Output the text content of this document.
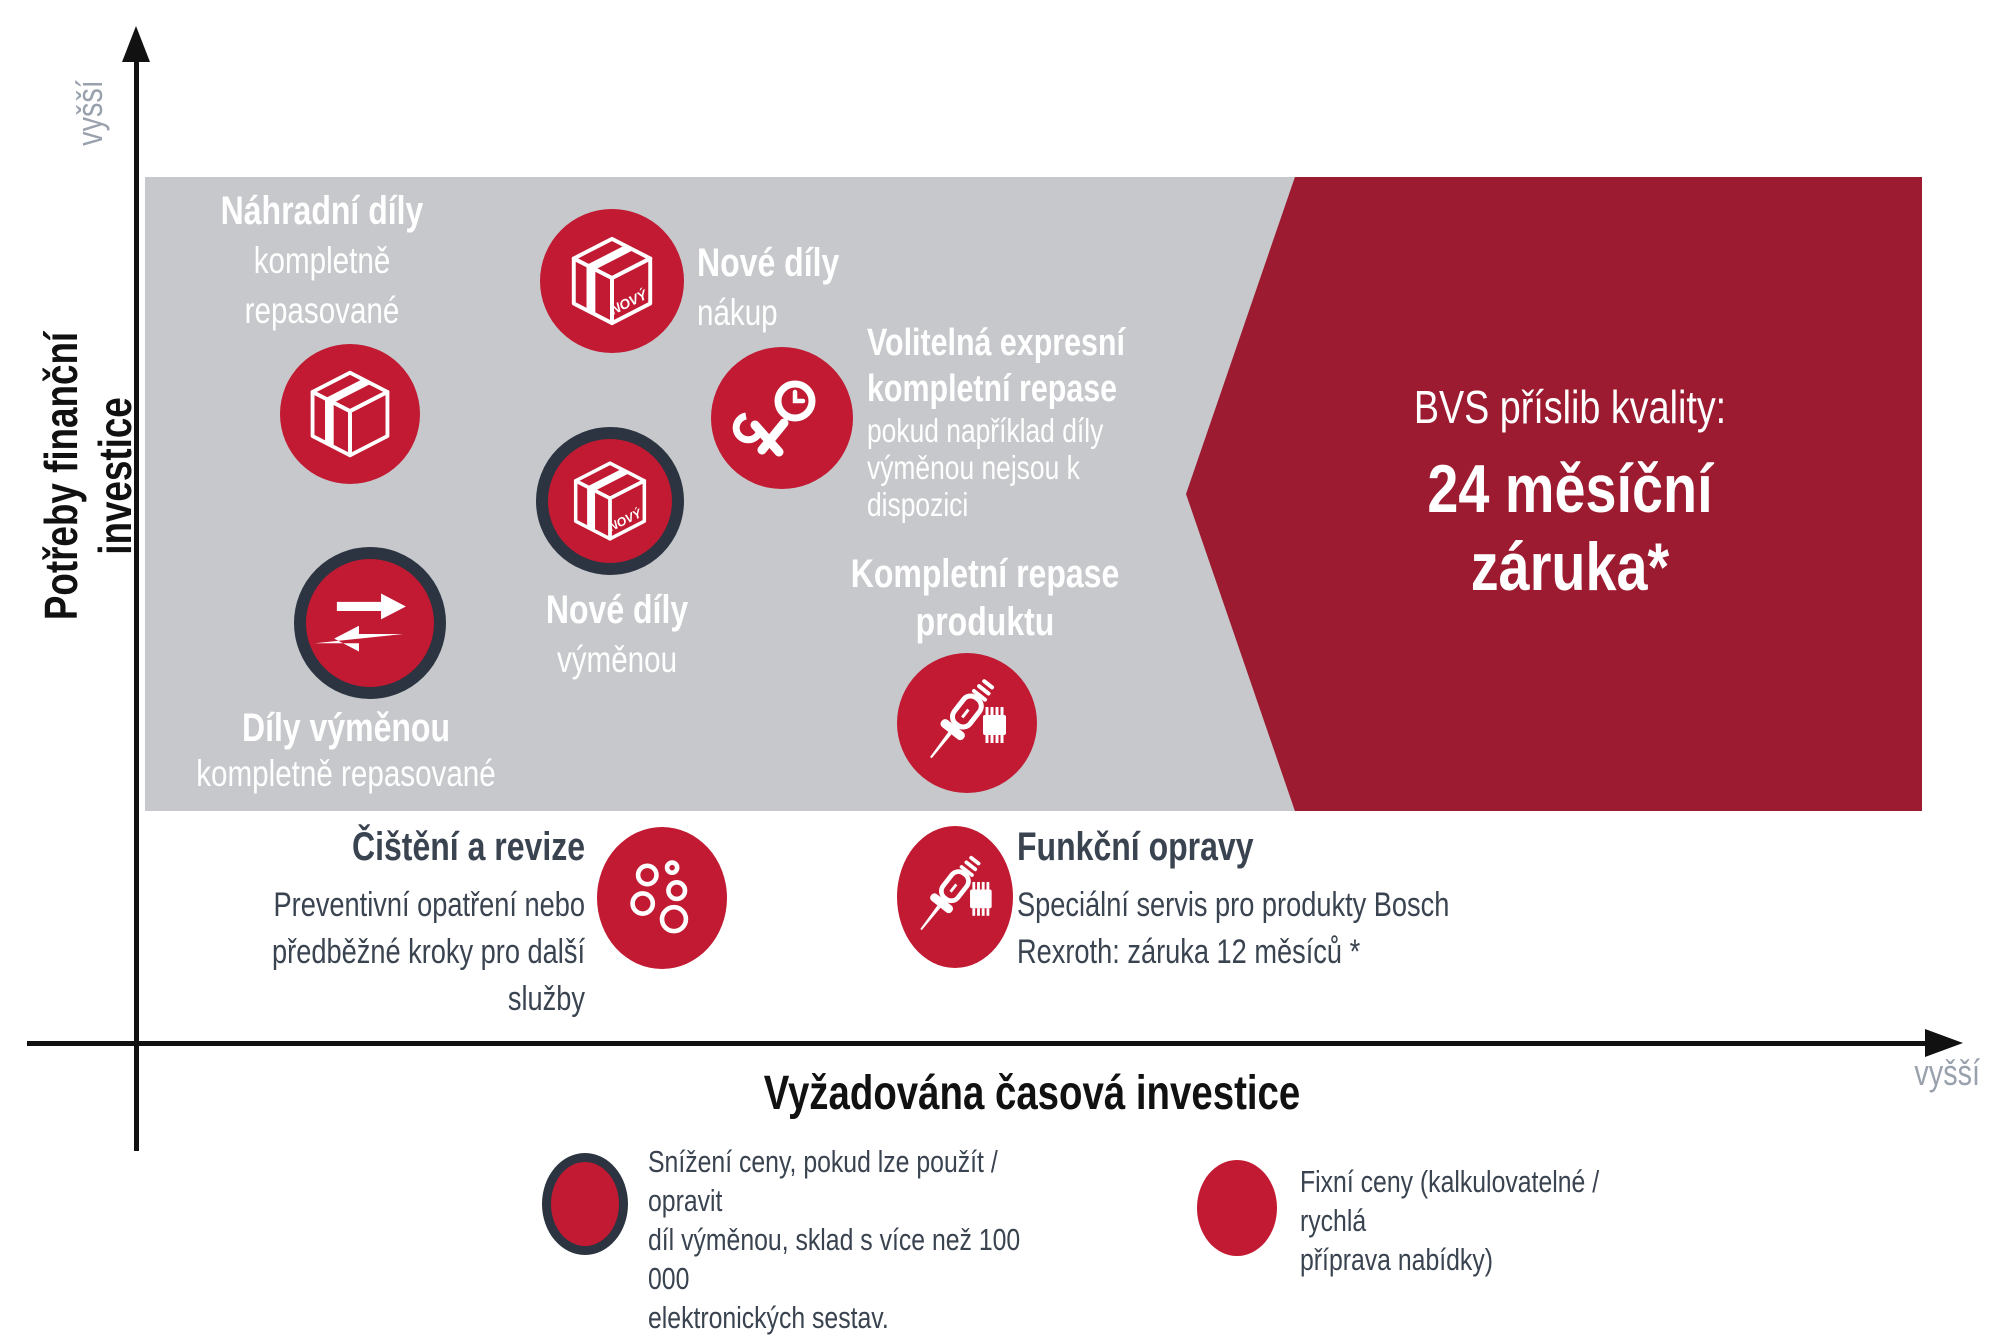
vyšší
vyšší
Potřeby finanční investice
Vyžadována časová investice
BVS příslib kvality:
24 měsíční
záruka*
NOVÝ
NOVÝ
Náhradní díly
kompletně
repasované
Nové díly
nákup
Volitelná expresní
kompletní repase
pokud například díly
výměnou nejsou k
dispozici
Nové díly
výměnou
Díly výměnou
kompletně repasované
Kompletní repase
produktu
Čištění a revize
Preventivní opatření nebo
předběžné kroky pro další služby
Funkční opravy
Speciální servis pro produkty Bosch
Rexroth: záruka 12 měsíců *
Snížení ceny, pokud lze použít / opravit
díl výměnou, sklad s více než 100 000
elektronických sestav.
Fixní ceny (kalkulovatelné / rychlá
příprava nabídky)
